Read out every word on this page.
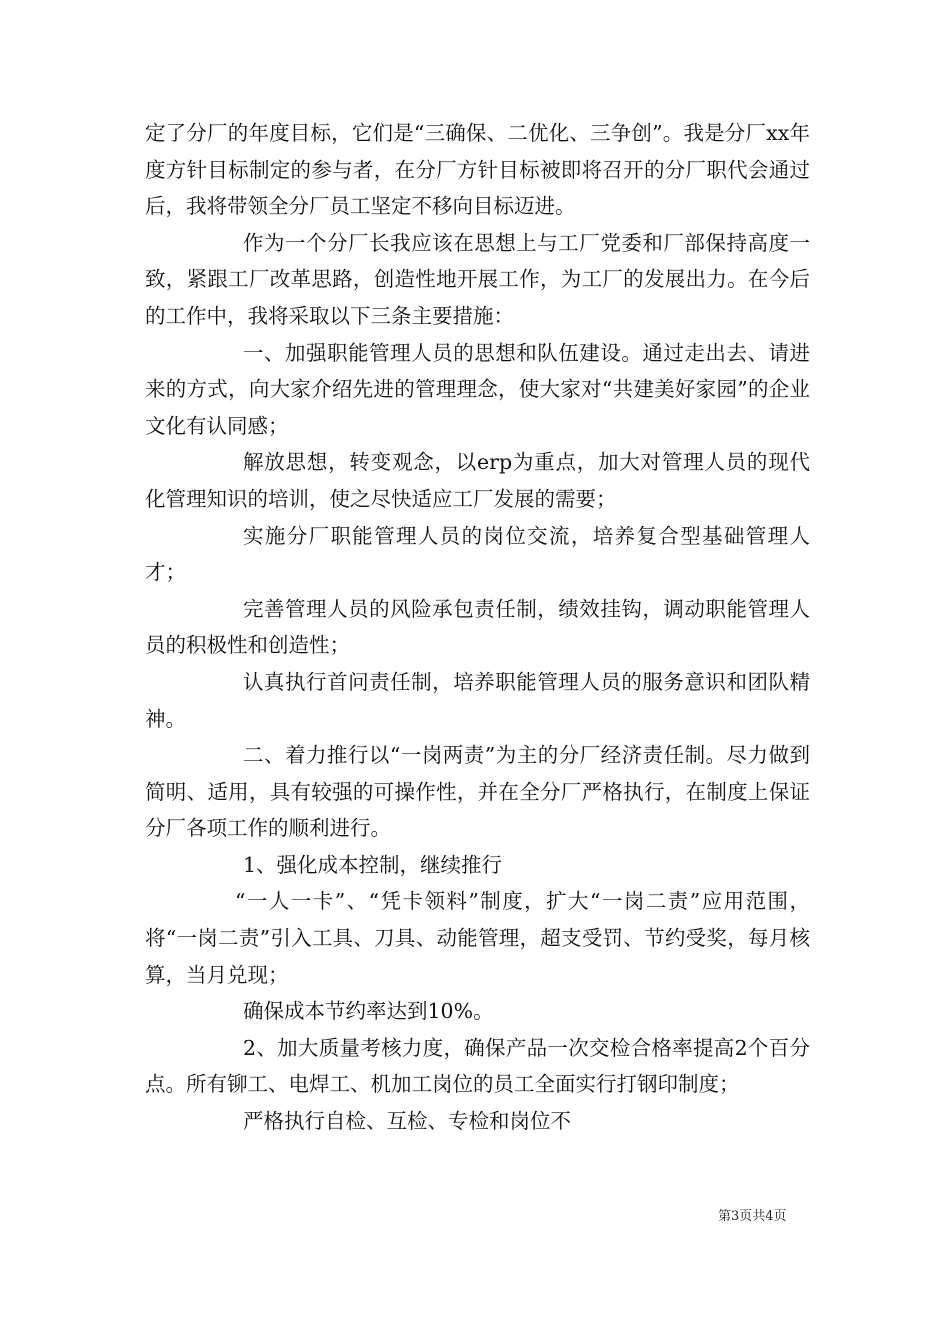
定了分厂的年度目标，它们是“三确保、二优化、三争创”。我是分厂xx年度方针目标制定的参与者，在分厂方针目标被即将召开的分厂职代会通过后，我将带领全分厂员工坚定不移向目标迈进。

作为一个分厂长我应该在思想上与工厂党委和厂部保持高度一致，紧跟工厂改革思路，创造性地开展工作，为工厂的发展出力。在今后的工作中，我将采取以下三条主要措施：

一、加强职能管理人员的思想和队伍建设。通过走出去、请进来的方式，向大家介绍先进的管理理念，使大家对“共建美好家园”的企业文化有认同感；

解放思想，转变观念，以erp为重点，加大对管理人员的现代化管理知识的培训，使之尽快适应工厂发展的需要；

实施分厂职能管理人员的岗位交流，培养复合型基础管理人才；

完善管理人员的风险承包责任制，绩效挂钩，调动职能管理人员的积极性和创造性；

认真执行首问责任制，培养职能管理人员的服务意识和团队精神。

二、着力推行以“一岗两责”为主的分厂经济责任制。尽力做到简明、适用，具有较强的可操作性，并在全分厂严格执行，在制度上保证分厂各项工作的顺利进行。

1、强化成本控制，继续推行

“一人一卡”、“凭卡领料”制度，扩大“一岗二责”应用范围，将“一岗二责”引入工具、刀具、动能管理，超支受罚、节约受奖，每月核算，当月兑现；

确保成本节约率达到10%。

2、加大质量考核力度，确保产品一次交检合格率提高2个百分点。所有铆工、电焊工、机加工岗位的员工全面实行打钢印制度；

严格执行自检、互检、专检和岗位不

第3页共4页
